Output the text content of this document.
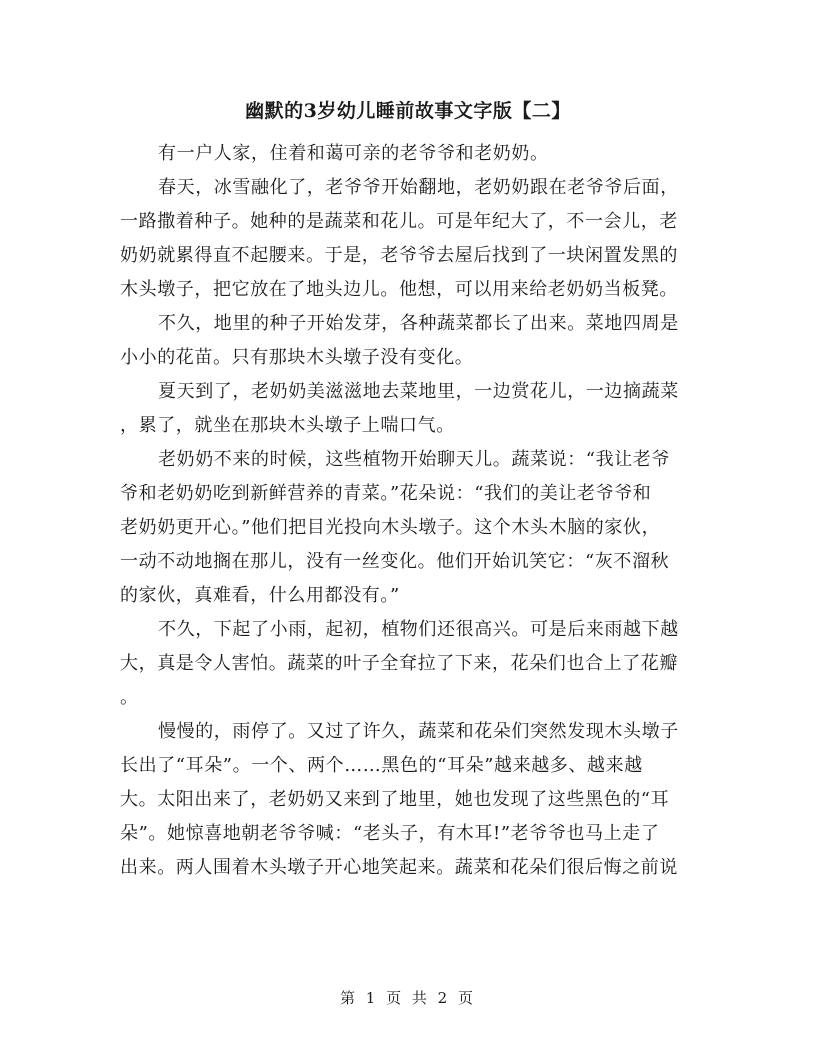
幽默的3岁幼儿睡前故事文字版【二】
有一户人家，住着和蔼可亲的老爷爷和老奶奶。
春天，冰雪融化了，老爷爷开始翻地，老奶奶跟在老爷爷后面，
一路撒着种子。她种的是蔬菜和花儿。可是年纪大了，不一会儿，老
奶奶就累得直不起腰来。于是，老爷爷去屋后找到了一块闲置发黑的
木头墩子，把它放在了地头边儿。他想，可以用来给老奶奶当板凳。
不久，地里的种子开始发芽，各种蔬菜都长了出来。菜地四周是
小小的花苗。只有那块木头墩子没有变化。
夏天到了，老奶奶美滋滋地去菜地里，一边赏花儿，一边摘蔬菜
，累了，就坐在那块木头墩子上喘口气。
老奶奶不来的时候，这些植物开始聊天儿。蔬菜说：“我让老爷
爷和老奶奶吃到新鲜营养的青菜。”花朵说：“我们的美让老爷爷和
老奶奶更开心。”他们把目光投向木头墩子。这个木头木脑的家伙，
一动不动地搁在那儿，没有一丝变化。他们开始讥笑它：“灰不溜秋
的家伙，真难看，什么用都没有。”
不久，下起了小雨，起初，植物们还很高兴。可是后来雨越下越
大，真是令人害怕。蔬菜的叶子全耷拉了下来，花朵们也合上了花瓣
。
慢慢的，雨停了。又过了许久，蔬菜和花朵们突然发现木头墩子
长出了“耳朵”。一个、两个……黑色的“耳朵”越来越多、越来越
大。太阳出来了，老奶奶又来到了地里，她也发现了这些黑色的“耳
朵”。她惊喜地朝老爷爷喊：“老头子，有木耳!”老爷爷也马上走了
出来。两人围着木头墩子开心地笑起来。蔬菜和花朵们很后悔之前说
第 1 页 共 2 页
